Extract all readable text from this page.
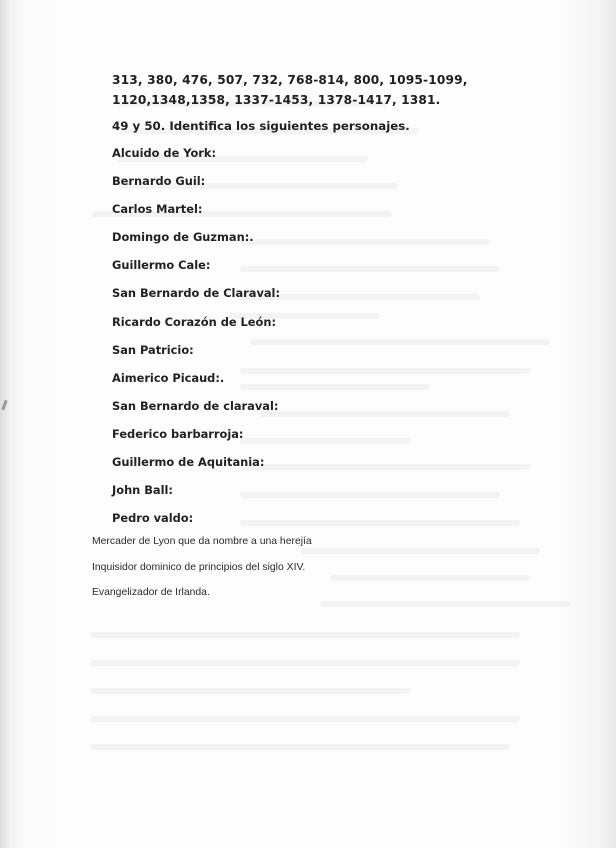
313, 380, 476, 507, 732, 768-814, 800, 1095-1099, 1120,1348,1358, 1337-1453, 1378-1417, 1381.
49 y 50. Identifica los siguientes personajes.
Alcuido de York:
Bernardo Guil:
Carlos Martel:
Domingo de Guzman:.
Guillermo Cale:
San Bernardo de Claraval:
Ricardo Corazón de León:
San Patricio:
Aimerico Picaud:.
San Bernardo de claraval:
Federico barbarroja:
Guillermo de Aquitania:
John Ball:
Pedro valdo:
Mercader de Lyon que da nombre a una herejía
Inquisidor dominico de principios del siglo XIV.
Evangelizador de Irlanda.
